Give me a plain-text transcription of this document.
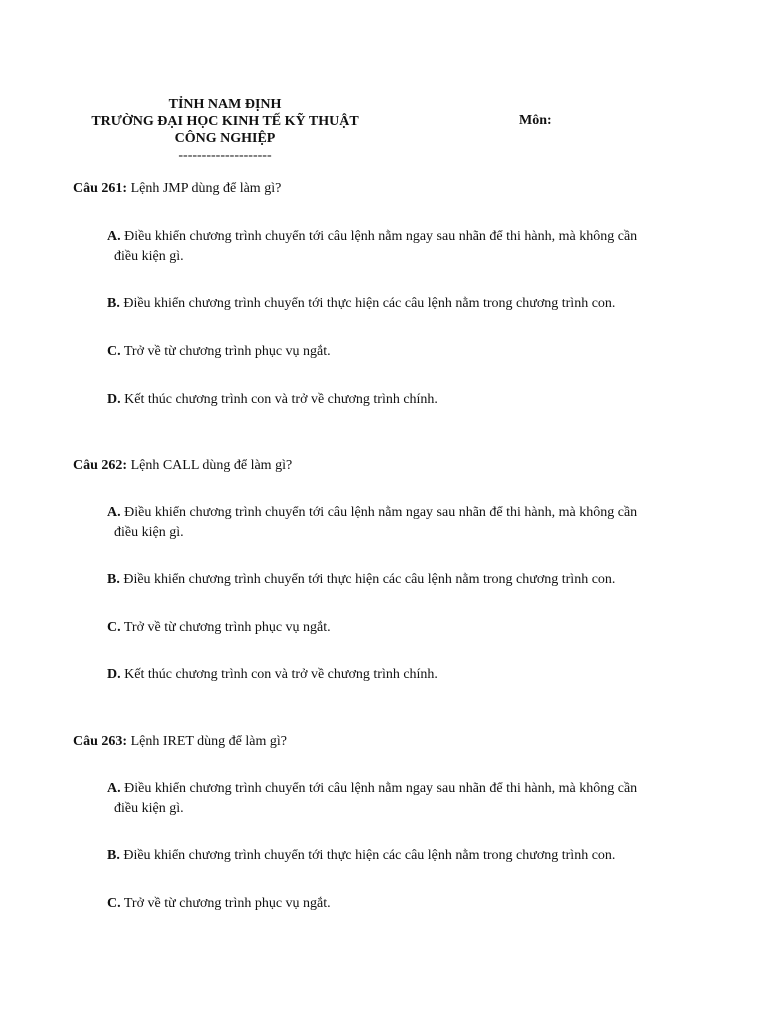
TỈNH NAM ĐỊNH
TRƯỜNG ĐẠI HỌC KINH TẾ KỸ THUẬT
CÔNG NGHIỆP
--------------------
Môn:
Câu 261: Lệnh JMP dùng để làm gì?
A. Điều khiển chương trình chuyển tới câu lệnh nằm ngay sau nhãn để thi hành, mà không cần
điều kiện gì.
B. Điều khiển chương trình chuyển tới thực hiện các câu lệnh nằm trong chương trình con.
C. Trở về từ chương trình phục vụ ngắt.
D. Kết thúc chương trình con và trở về chương trình chính.
Câu 262: Lệnh CALL dùng để làm gì?
A. Điều khiển chương trình chuyển tới câu lệnh nằm ngay sau nhãn để thi hành, mà không cần
điều kiện gì.
B. Điều khiển chương trình chuyển tới thực hiện các câu lệnh nằm trong chương trình con.
C. Trở về từ chương trình phục vụ ngắt.
D. Kết thúc chương trình con và trở về chương trình chính.
Câu 263: Lệnh IRET dùng để làm gì?
A. Điều khiển chương trình chuyển tới câu lệnh nằm ngay sau nhãn để thi hành, mà không cần
điều kiện gì.
B. Điều khiển chương trình chuyển tới thực hiện các câu lệnh nằm trong chương trình con.
C. Trở về từ chương trình phục vụ ngắt.
